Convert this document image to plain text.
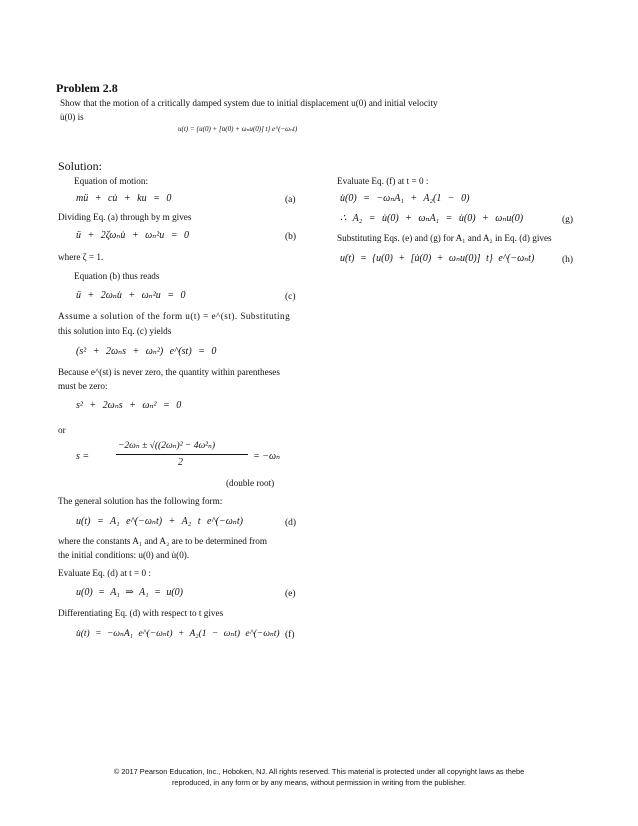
Problem 2.8
Show that the motion of a critically damped system due to initial displacement u(0) and initial velocity
u̇(0) is
u(t) = {u(0) + [u̇(0) + ωₙu(0)] t} e^(−ωₙt)
Solution:
Equation of motion:
mü + cu̇ + ku = 0	(a)
Dividing Eq. (a) through by m gives
ü + 2ζωₙu̇ + ωₙ²u = 0	(b)
where ζ = 1.
Equation (b) thus reads
ü + 2ωₙu̇ + ωₙ²u = 0	(c)
Assume a solution of the form u(t) = e^(st). Substituting
this solution into Eq. (c) yields
(s² + 2ωₙs + ωₙ²) e^(st) = 0
Because e^(st) is never zero, the quantity within parentheses
must be zero:
s² + 2ωₙs + ωₙ² = 0
or
s =
−2ωₙ ± √((2ωₙ)² − 4ω²ₙ)
2
= −ωₙ
(double root)
The general solution has the following form:
u(t) = A₁ e^(−ωₙt) + A₂ t e^(−ωₙt)	(d)
where the constants A₁ and A₂ are to be determined from
the initial conditions: u(0) and u̇(0).
Evaluate Eq. (d) at t = 0 :
u(0) = A₁ ⇒ A₁ = u(0)	(e)
Differentiating Eq. (d) with respect to t gives
u̇(t) = −ωₙA₁ e^(−ωₙt) + A₂(1 − ωₙt) e^(−ωₙt) (f)
Evaluate Eq. (f) at t = 0 :
u̇(0) = −ωₙA₁ + A₂(1 − 0)
∴ A₂ = u̇(0) + ωₙA₁ = u̇(0) + ωₙu(0)	(g)
Substituting Eqs. (e) and (g) for A₁ and A₂ in Eq. (d) gives
u(t) = {u(0) + [u̇(0) + ωₙu(0)] t} e^(−ωₙt)	(h)
© 2017 Pearson Education, Inc., Hoboken, NJ. All rights reserved. This material is protected under all copyright laws as thebe
reproduced, in any form or by any means, without permission in writing from the publisher.
